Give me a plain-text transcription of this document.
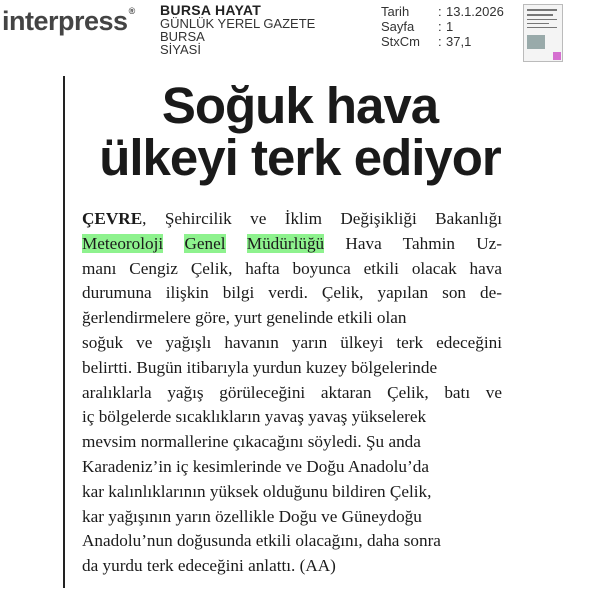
interpress® BURSA HAYAT
GÜNLÜK YEREL GAZETE
BURSA
SİYASİ
Tarih	: 13.1.2026
Sayfa	: 1
StxCm	: 37,1
Soğuk hava
ülkeyi terk ediyor
ÇEVRE, Şehircilik ve İklim Değişikliği Bakanlığı
Meteoroloji Genel Müdürlüğü Hava Tahmin Uz-
manı Cengiz Çelik, hafta boyunca etkili olacak hava
durumuna ilişkin bilgi verdi. Çelik, yapılan son de-
ğerlendirmelere göre, yurt genelinde etkili olan
soğuk ve yağışlı havanın yarın ülkeyi terk edeceğini
belirtti. Bugün itibarıyla yurdun kuzey bölgelerinde
aralıklarla yağış görüleceğini aktaran Çelik, batı ve
iç bölgelerde sıcaklıkların yavaş yavaş yükselerek
mevsim normallerine çıkacağını söyledi. Şu anda
Karadeniz’in iç kesimlerinde ve Doğu Anadolu’da
kar kalınlıklarının yüksek olduğunu bildiren Çelik,
kar yağışının yarın özellikle Doğu ve Güneydoğu
Anadolu’nun doğusunda etkili olacağını, daha sonra
da yurdu terk edeceğini anlattı. (AA)
